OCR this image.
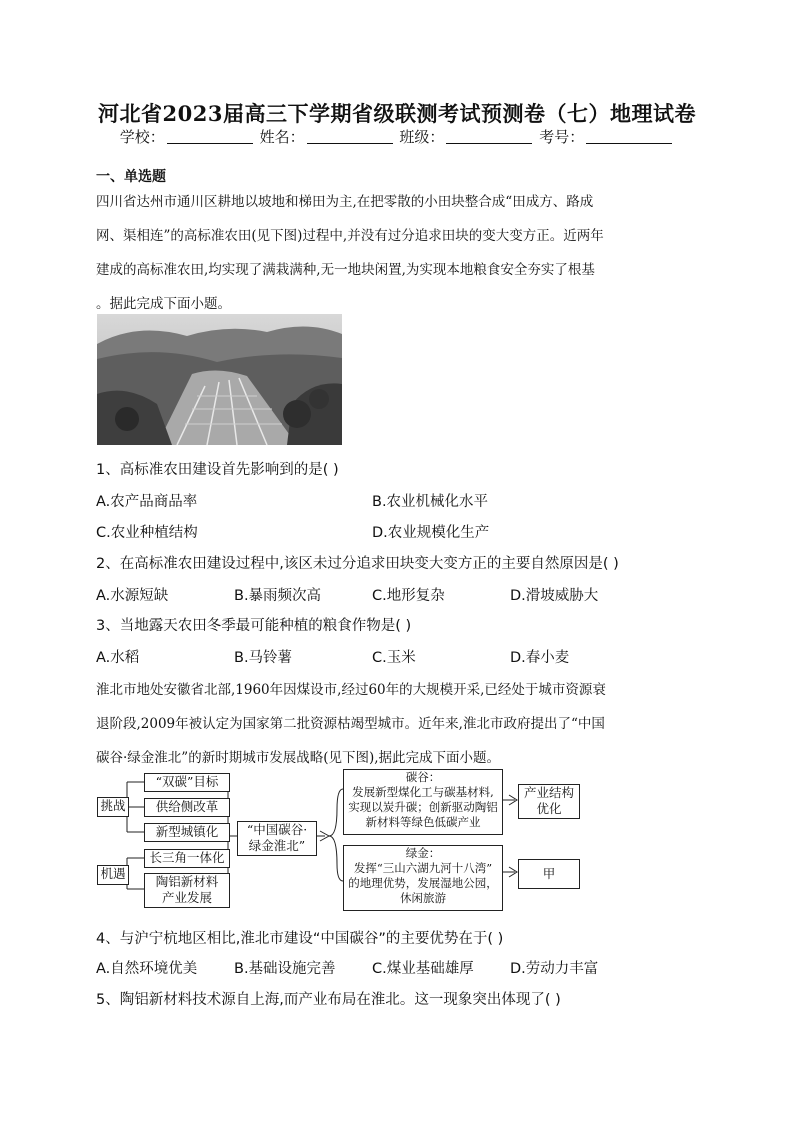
河北省2023届高三下学期省级联测考试预测卷（七）地理试卷
学校：	姓名：	班级：	考号：
一、单选题
四川省达州市通川区耕地以坡地和梯田为主,在把零散的小田块整合成“田成方、路成
网、渠相连”的高标准农田(见下图)过程中,并没有过分追求田块的变大变方正。近两年
建成的高标准农田,均实现了满栽满种,无一地块闲置,为实现本地粮食安全夯实了根基
。据此完成下面小题。
1、高标准农田建设首先影响到的是( )
A.农产品商品率	B.农业机械化水平
C.农业种植结构	D.农业规模化生产
2、在高标准农田建设过程中,该区未过分追求田块变大变方正的主要自然原因是( )
A.水源短缺	B.暴雨频次高	C.地形复杂	D.滑坡威胁大
3、当地露天农田冬季最可能种植的粮食作物是( )
A.水稻	B.马铃薯	C.玉米	D.春小麦
淮北市地处安徽省北部,1960年因煤设市,经过60年的大规模开采,已经处于城市资源衰
退阶段,2009年被认定为国家第二批资源枯竭型城市。近年来,淮北市政府提出了“中国
碳谷·绿金淮北”的新时期城市发展战略(见下图),据此完成下面小题。
挑战
机遇
“双碳”目标
供给侧改革
新型城镇化
长三角一体化
陶铝新材料
产业发展
“中国碳谷·
绿金淮北”
碳谷：
发展新型煤化工与碳基材料,
实现以炭升碳；创新驱动陶铝
新材料等绿色低碳产业
绿金：
发挥“三山六湖九河十八湾”
的地理优势，发展湿地公园，
休闲旅游
产业结构
优化
甲
4、与沪宁杭地区相比,淮北市建设“中国碳谷”的主要优势在于( )
A.自然环境优美	B.基础设施完善	C.煤业基础雄厚	D.劳动力丰富
5、陶铝新材料技术源自上海,而产业布局在淮北。这一现象突出体现了( )
